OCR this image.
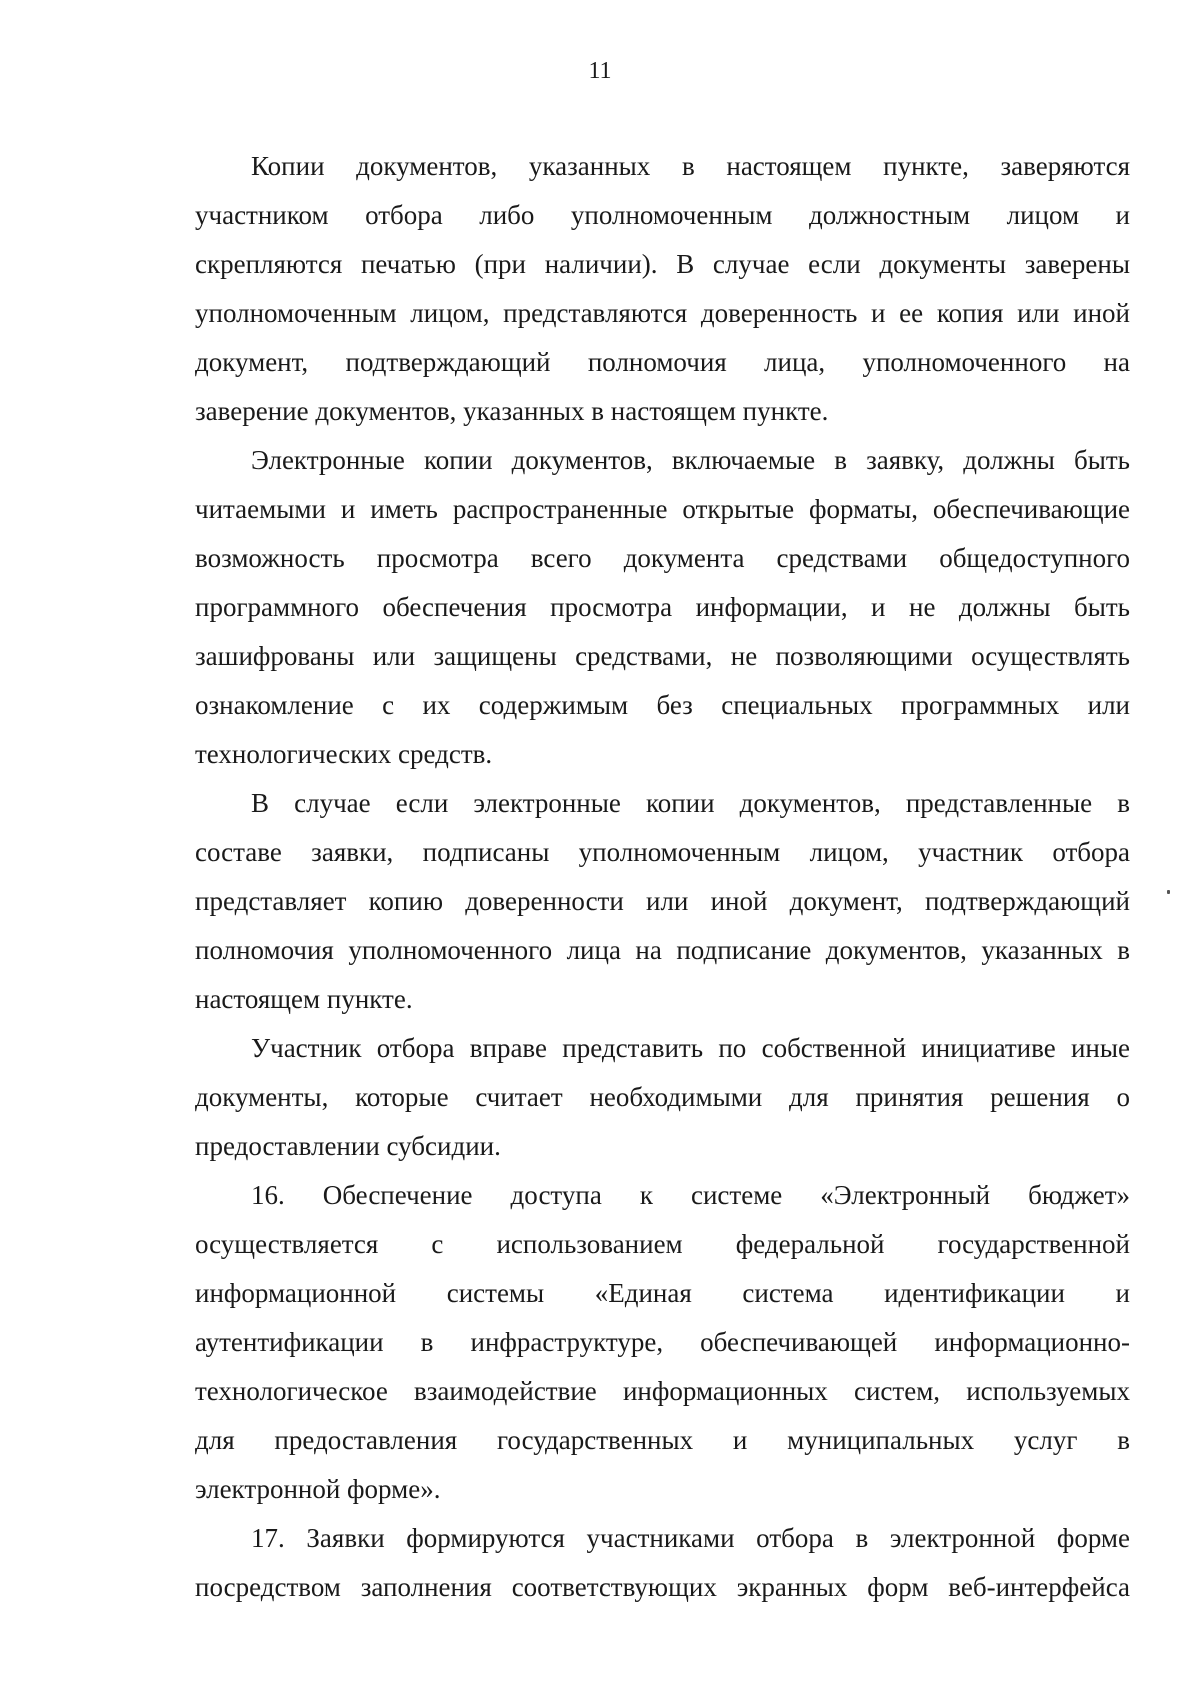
11
Копии документов, указанных в настоящем пункте, заверяются
участником отбора либо уполномоченным должностным лицом и
скрепляются печатью (при наличии). В случае если документы заверены
уполномоченным лицом, представляются доверенность и ее копия или иной
документ, подтверждающий полномочия лица, уполномоченного на
заверение документов, указанных в настоящем пункте.
Электронные копии документов, включаемые в заявку, должны быть
читаемыми и иметь распространенные открытые форматы, обеспечивающие
возможность просмотра всего документа средствами общедоступного
программного обеспечения просмотра информации, и не должны быть
зашифрованы или защищены средствами, не позволяющими осуществлять
ознакомление с их содержимым без специальных программных или
технологических средств.
В случае если электронные копии документов, представленные в
составе заявки, подписаны уполномоченным лицом, участник отбора
представляет копию доверенности или иной документ, подтверждающий
полномочия уполномоченного лица на подписание документов, указанных в
настоящем пункте.
Участник отбора вправе представить по собственной инициативе иные
документы, которые считает необходимыми для принятия решения о
предоставлении субсидии.
16. Обеспечение доступа к системе «Электронный бюджет»
осуществляется с использованием федеральной государственной
информационной системы «Единая система идентификации и
аутентификации в инфраструктуре, обеспечивающей информационно-
технологическое взаимодействие информационных систем, используемых
для предоставления государственных и муниципальных услуг в
электронной форме».
17. Заявки формируются участниками отбора в электронной форме
посредством заполнения соответствующих экранных форм веб-интерфейса
